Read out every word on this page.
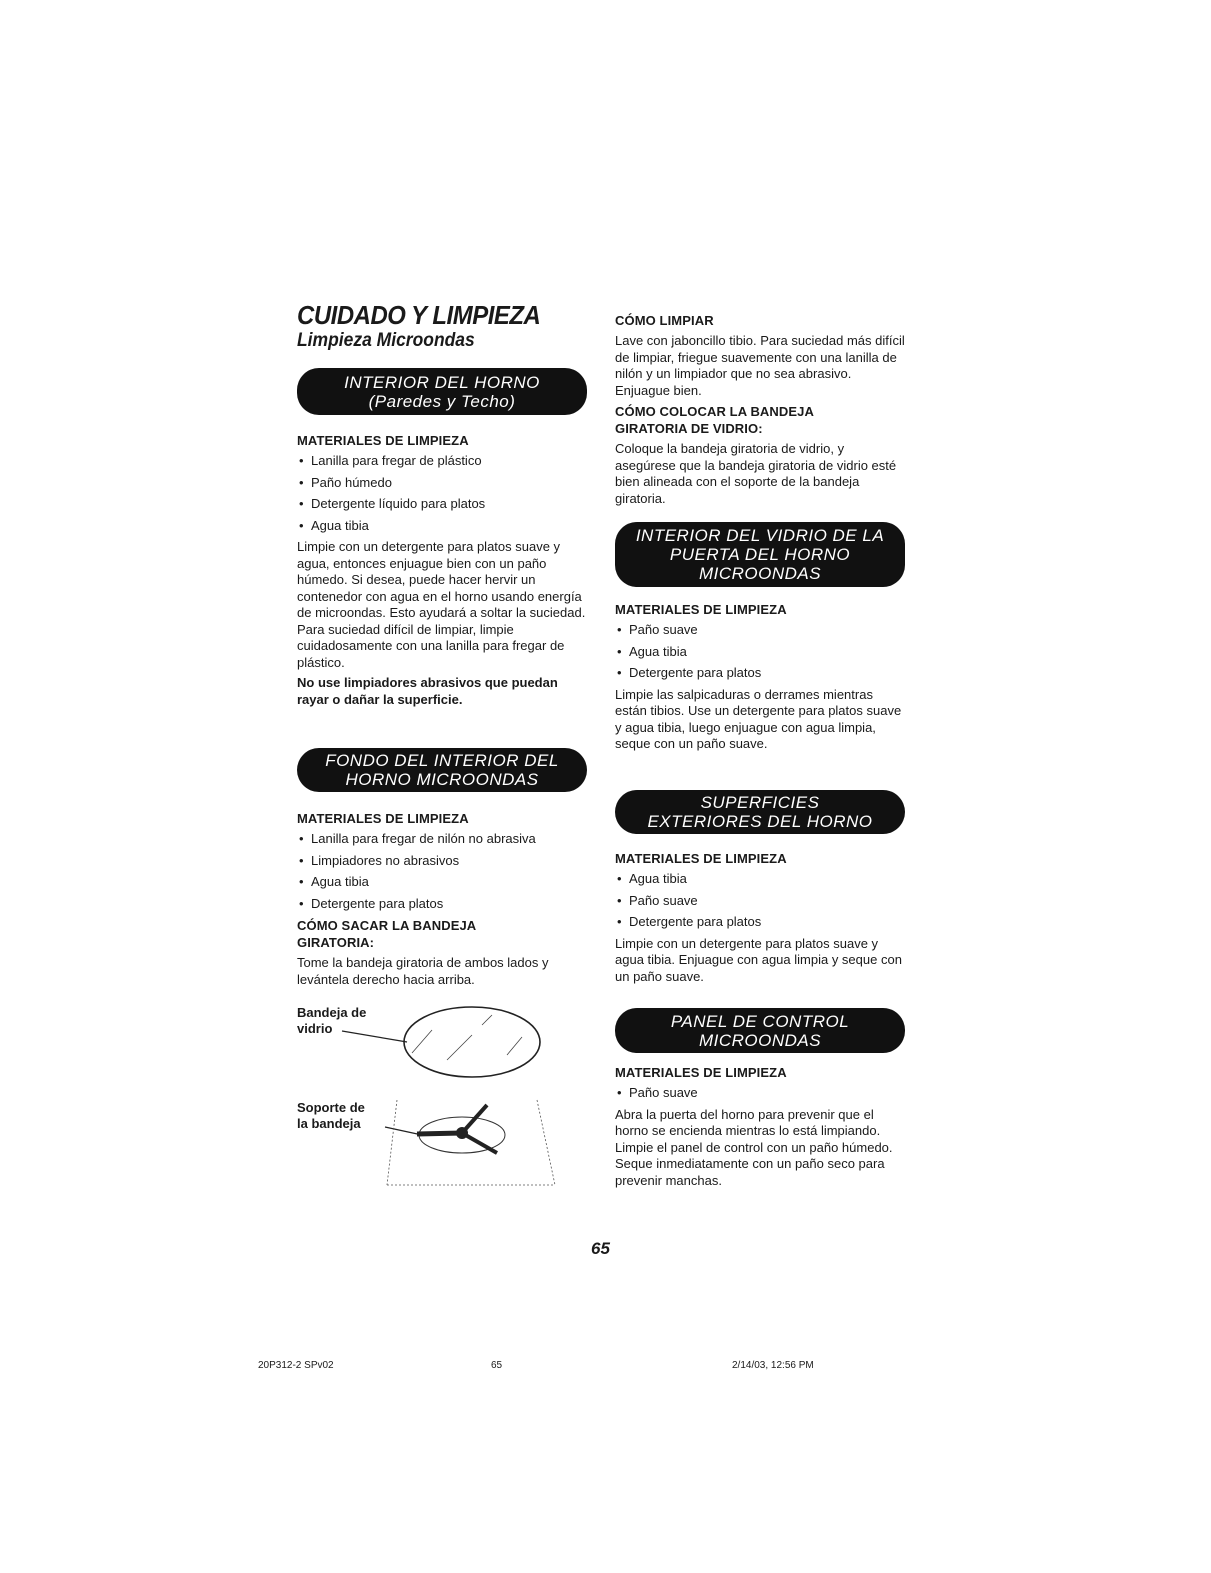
CUIDADO Y LIMPIEZA
Limpieza Microondas
INTERIOR DEL HORNO
(Paredes y Techo)
MATERIALES DE LIMPIEZA
• Lanilla para fregar de plástico
• Paño húmedo
• Detergente líquido para platos
• Agua tibia

Limpie con un detergente para platos suave y agua, entonces enjuague bien con un paño húmedo. Si desea, puede hacer hervir un contenedor con agua en el horno usando energía de microondas. Esto ayudará a soltar la suciedad. Para suciedad difícil de limpiar, limpie cuidadosamente con una lanilla para fregar de plástico.

No use limpiadores abrasivos que puedan rayar o dañar la superficie.

FONDO DEL INTERIOR DEL
HORNO MICROONDAS
MATERIALES DE LIMPIEZA
• Lanilla para fregar de nilón no abrasiva
• Limpiadores no abrasivos
• Agua tibia
• Detergente para platos
CÓMO SACAR LA BANDEJA GIRATORIA:

Tome la bandeja giratoria de ambos lados y levántela derecho hacia arriba.

Bandeja de vidrio
Soporte de la bandeja
CÓMO LIMPIAR

Lave con jaboncillo tibio. Para suciedad más difícil de limpiar, friegue suavemente con una lanilla de nilón y un limpiador que no sea abrasivo. Enjuague bien.

CÓMO COLOCAR LA BANDEJA GIRATORIA DE VIDRIO:

Coloque la bandeja giratoria de vidrio, y asegúrese que la bandeja giratoria de vidrio esté bien alineada con el soporte de la bandeja giratoria.

INTERIOR DEL VIDRIO DE LA
PUERTA DEL HORNO
MICROONDAS
MATERIALES DE LIMPIEZA
• Paño suave
• Agua tibia
• Detergente para platos

Limpie las salpicaduras o derrames mientras están tibios. Use un detergente para platos suave y agua tibia, luego enjuague con agua limpia, seque con un paño suave.

SUPERFICIES
EXTERIORES DEL HORNO
MATERIALES DE LIMPIEZA
• Agua tibia
• Paño suave
• Detergente para platos

Limpie con un detergente para platos suave y agua tibia. Enjuague con agua limpia y seque con un paño suave.

PANEL DE CONTROL
MICROONDAS
MATERIALES DE LIMPIEZA
• Paño suave

Abra la puerta del horno para prevenir que el horno se encienda mientras lo está limpiando. Limpie el panel de control con un paño húmedo. Seque inmediatamente con un paño seco para prevenir manchas.

65
20P312-2 SPv02	65	2/14/03, 12:56 PM
